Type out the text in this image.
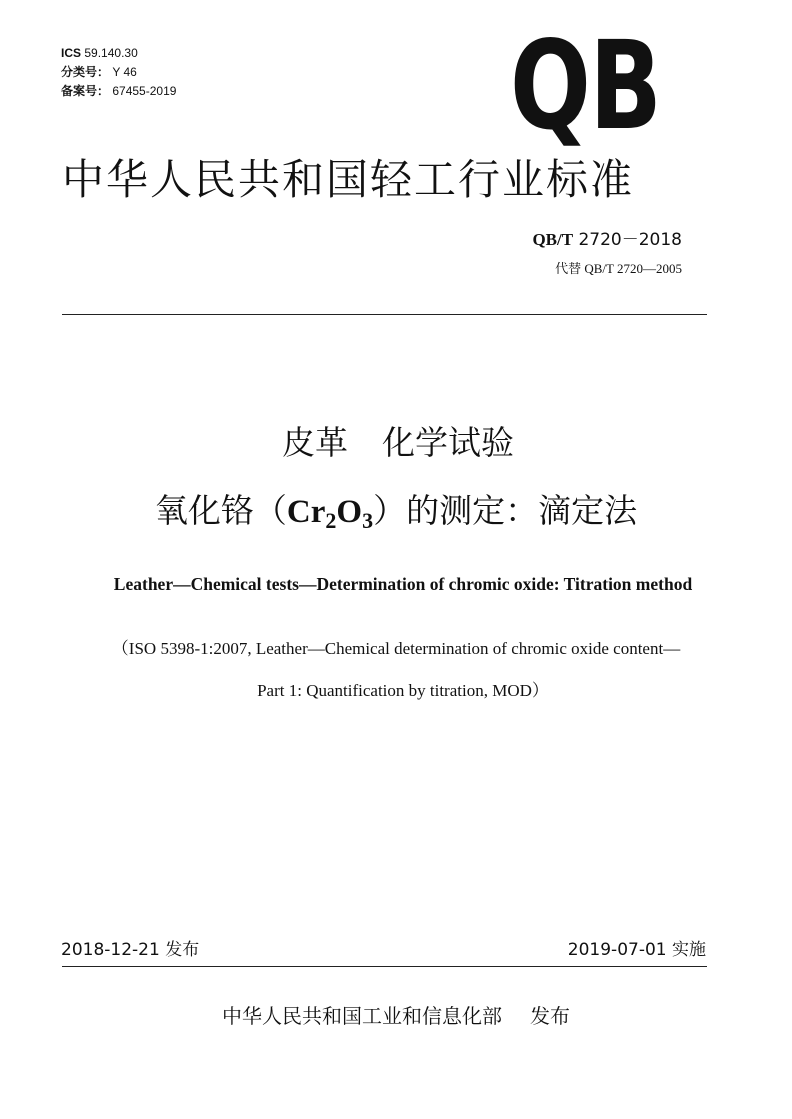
ICS 59.140.30
分类号： Y 46
备案号： 67455-2019	QB
中华人民共和国轻工行业标准
QB/T 2720－2018
代替 QB/T 2720—2005
皮革 化学试验
氧化铬$(Cr_2O_3)$的测定：滴定法
Leather—Chemical tests—Determination of chromic oxide: Titration method
（ISO 5398-1:2007, Leather—Chemical determination of chromic oxide content—
Part 1: Quantification by titration, MOD）
2018-12-21 发布	2019-07-01 实施
中华人民共和国工业和信息化部 发布
